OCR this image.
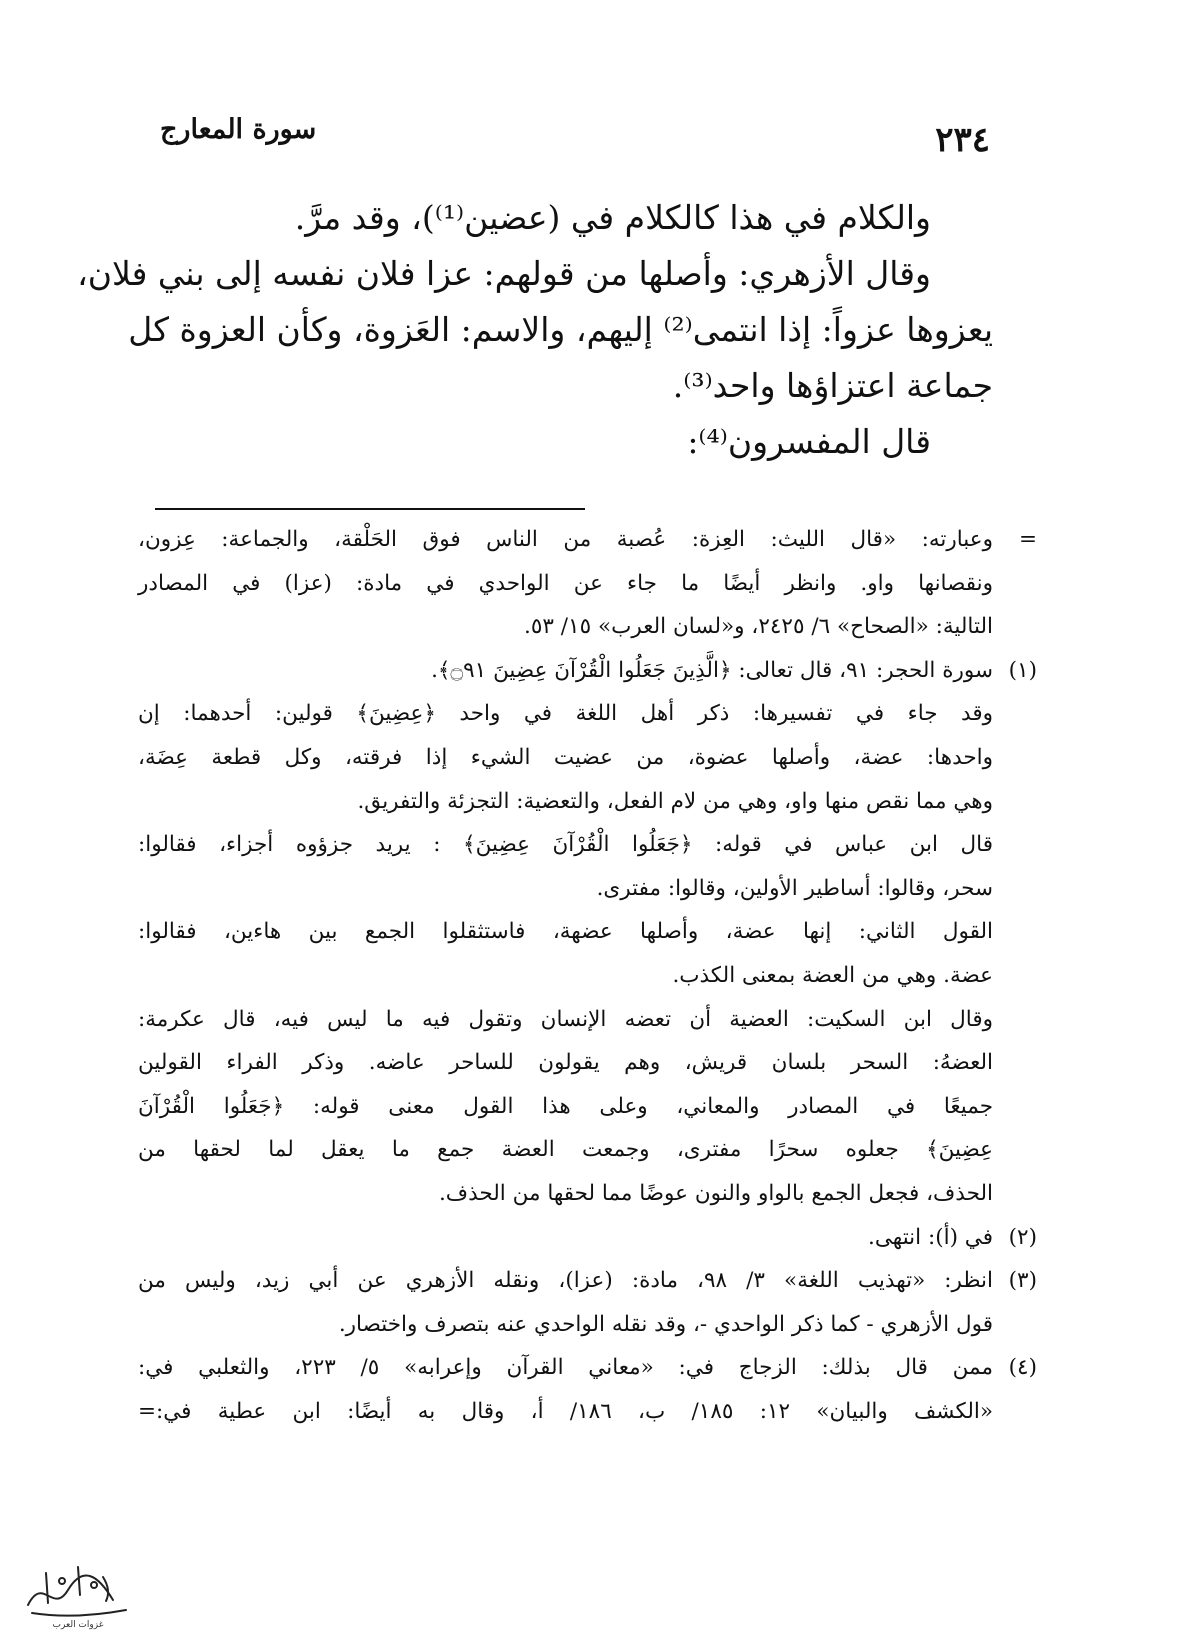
٢٣٤
سورة المعارج
والكلام في هذا كالكلام في (عضين⁽¹⁾)، وقد مرَّ.
وقال الأزهري: وأصلها من قولهم: عزا فلان نفسه إلى بني فلان،
يعزوها عزواً: إذا انتمى⁽²⁾ إليهم، والاسم: العَزوة، وكأن العزوة كل
جماعة اعتزاؤها واحد⁽³⁾.
قال المفسرون⁽⁴⁾:
=
وعبارته: «قال الليث: العِزة: عُصبة من الناس فوق الحَلْقة، والجماعة: عِزون،
ونقصانها واو. وانظر أيضًا ما جاء عن الواحدي في مادة: (عزا) في المصادر
التالية: «الصحاح» ٦/ ٢٤٢٥، و«لسان العرب» ١٥/ ٥٣.
(١)
سورة الحجر: ٩١، قال تعالى: ﴿الَّذِينَ جَعَلُوا الْقُرْآنَ عِضِينَ ۝٩١﴾.
وقد جاء في تفسيرها: ذكر أهل اللغة في واحد ﴿عِضِينَ﴾ قولين: أحدهما: إن
واحدها: عضة، وأصلها عضوة، من عضيت الشيء إذا فرقته، وكل قطعة عِضَة،
وهي مما نقص منها واو، وهي من لام الفعل، والتعضية: التجزئة والتفريق.
قال ابن عباس في قوله: ﴿جَعَلُوا الْقُرْآنَ عِضِينَ﴾ : يريد جزؤوه أجزاء، فقالوا:
سحر، وقالوا: أساطير الأولين، وقالوا: مفترى.
القول الثاني: إنها عضة، وأصلها عضهة، فاستثقلوا الجمع بين هاءين، فقالوا:
عضة. وهي من العضة بمعنى الكذب.
وقال ابن السكيت: العضية أن تعضه الإنسان وتقول فيه ما ليس فيه، قال عكرمة:
العضهُ: السحر بلسان قريش، وهم يقولون للساحر عاضه. وذكر الفراء القولين
جميعًا في المصادر والمعاني، وعلى هذا القول معنى قوله: ﴿جَعَلُوا الْقُرْآنَ
عِضِينَ﴾ جعلوه سحرًا مفترى، وجمعت العضة جمع ما يعقل لما لحقها من
الحذف، فجعل الجمع بالواو والنون عوضًا مما لحقها من الحذف.
(٢)
في (أ): انتهى.
(٣)
انظر: «تهذيب اللغة» ٣/ ٩٨، مادة: (عزا)، ونقله الأزهري عن أبي زيد، وليس من
قول الأزهري - كما ذكر الواحدي -، وقد نقله الواحدي عنه بتصرف واختصار.
(٤)
ممن قال بذلك: الزجاج في: «معاني القرآن وإعرابه» ٥/ ٢٢٣، والثعلبي في:
«الكشف والبيان» ١٢: ١٨٥/ ب، ١٨٦/ أ، وقال به أيضًا: ابن عطية في:=
غزوات العرب
